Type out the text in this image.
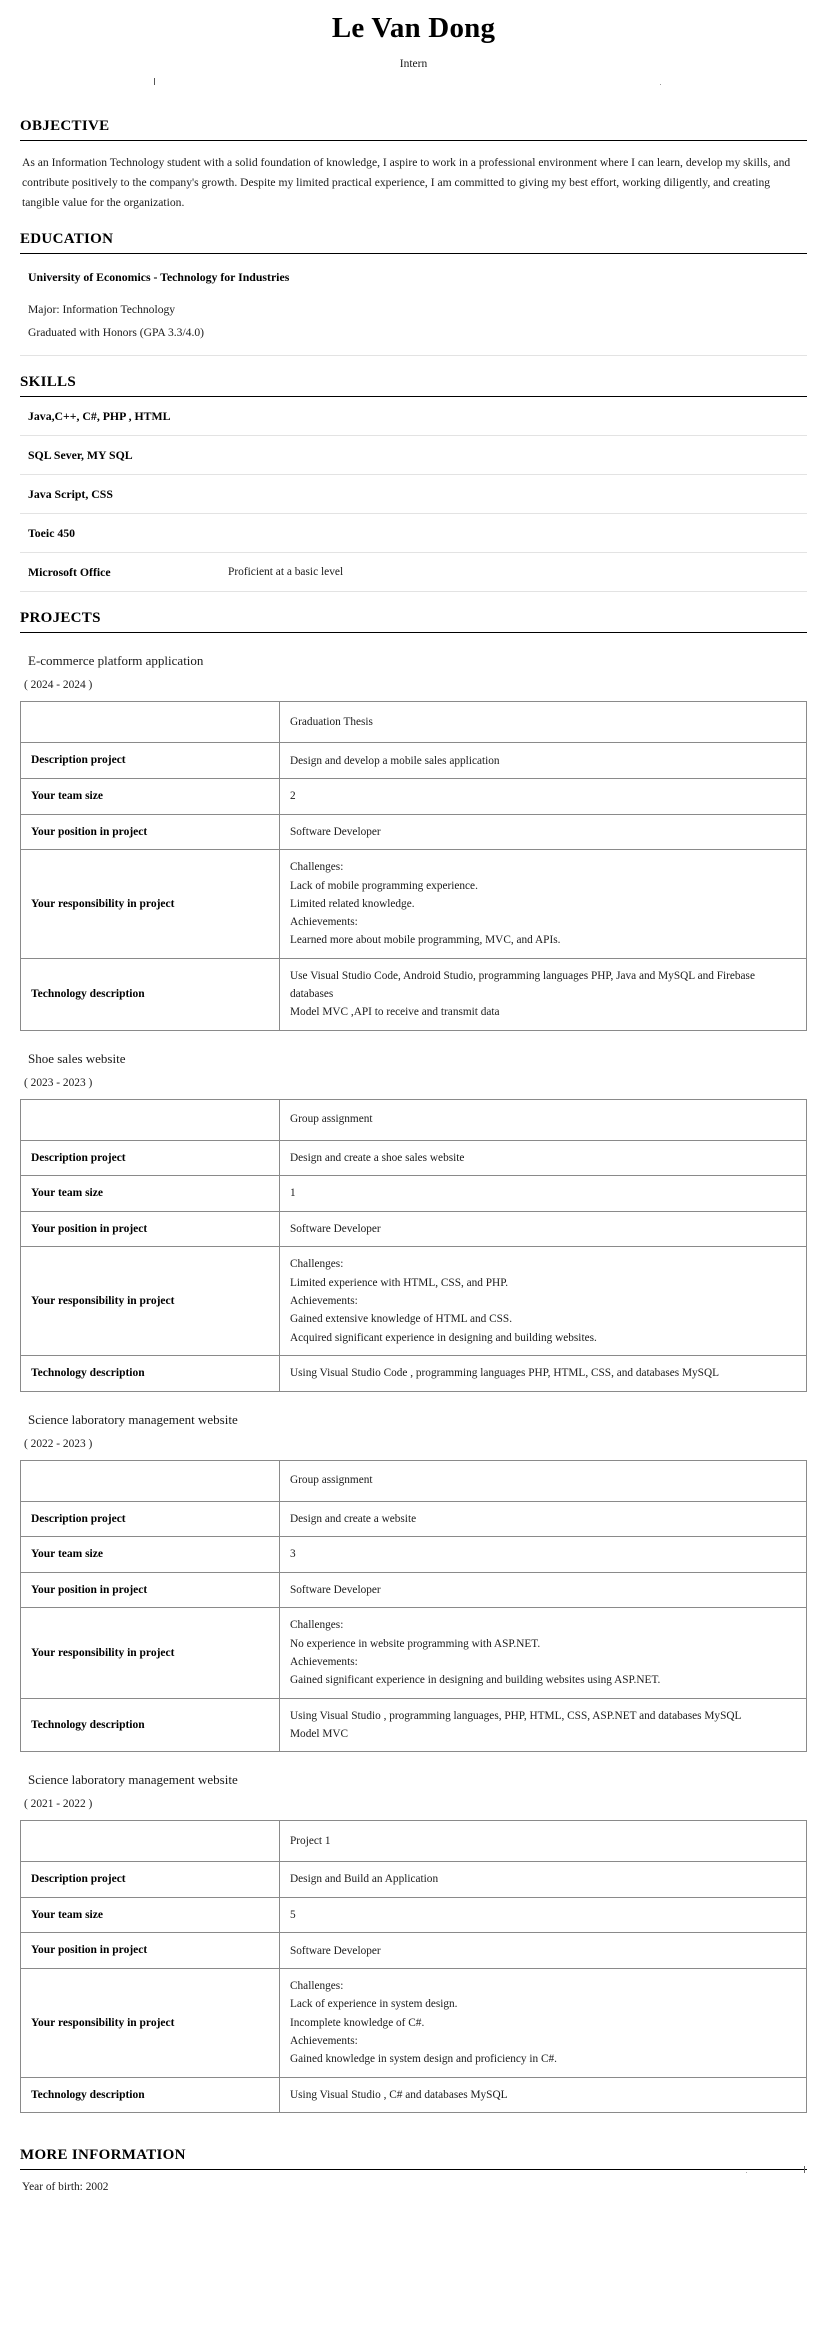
Le Van Dong
Intern
OBJECTIVE
As an Information Technology student with a solid foundation of knowledge, I aspire to work in a professional environment where I can learn, develop my skills, and contribute positively to the company's growth. Despite my limited practical experience, I am committed to giving my best effort, working diligently, and creating tangible value for the organization.
EDUCATION
University of Economics - Technology for Industries
Major: Information Technology
Graduated with Honors (GPA 3.3/4.0)
SKILLS
Java,C++, C#, PHP , HTML
SQL Sever, MY SQL
Java Script, CSS
Toeic 450
Microsoft Office	Proficient at a basic level
PROJECTS
E-commerce platform application
( 2024 - 2024 )
	Graduation Thesis
Description project	Design and develop a mobile sales application

Your team size	2

Your position in project	Software Developer

Your responsibility in project	Challenges:
Lack of mobile programming experience.
Limited related knowledge.
Achievements:
Learned more about mobile programming, MVC, and APIs.

Technology description	Use Visual Studio Code, Android Studio, programming languages PHP, Java and MySQL and Firebase databases
Model MVC ,API to receive and transmit data
Shoe sales website
( 2023 - 2023 )
	Group assignment
Description project	Design and create a shoe sales website

Your team size	1

Your position in project	Software Developer

Your responsibility in project	Challenges:
Limited experience with HTML, CSS, and PHP.
Achievements:
Gained extensive knowledge of HTML and CSS.
Acquired significant experience in designing and building websites.

Technology description	Using Visual Studio Code , programming languages PHP, HTML, CSS, and databases MySQL
Science laboratory management website
( 2022 - 2023 )
	Group assignment
Description project	Design and create a website

Your team size	3

Your position in project	Software Developer

Your responsibility in project	Challenges:
No experience in website programming with ASP.NET.
Achievements:
Gained significant experience in designing and building websites using ASP.NET.

Technology description	Using Visual Studio , programming languages, PHP, HTML, CSS, ASP.NET and databases MySQL
Model MVC
Science laboratory management website
( 2021 - 2022 )
	Project 1
Description project	Design and Build an Application

Your team size	5

Your position in project	Software Developer

Your responsibility in project	Challenges:
Lack of experience in system design.
Incomplete knowledge of C#.
Achievements:
Gained knowledge in system design and proficiency in C#.

Technology description	Using Visual Studio , C# and databases MySQL
MORE INFORMATION
Year of birth: 2002
